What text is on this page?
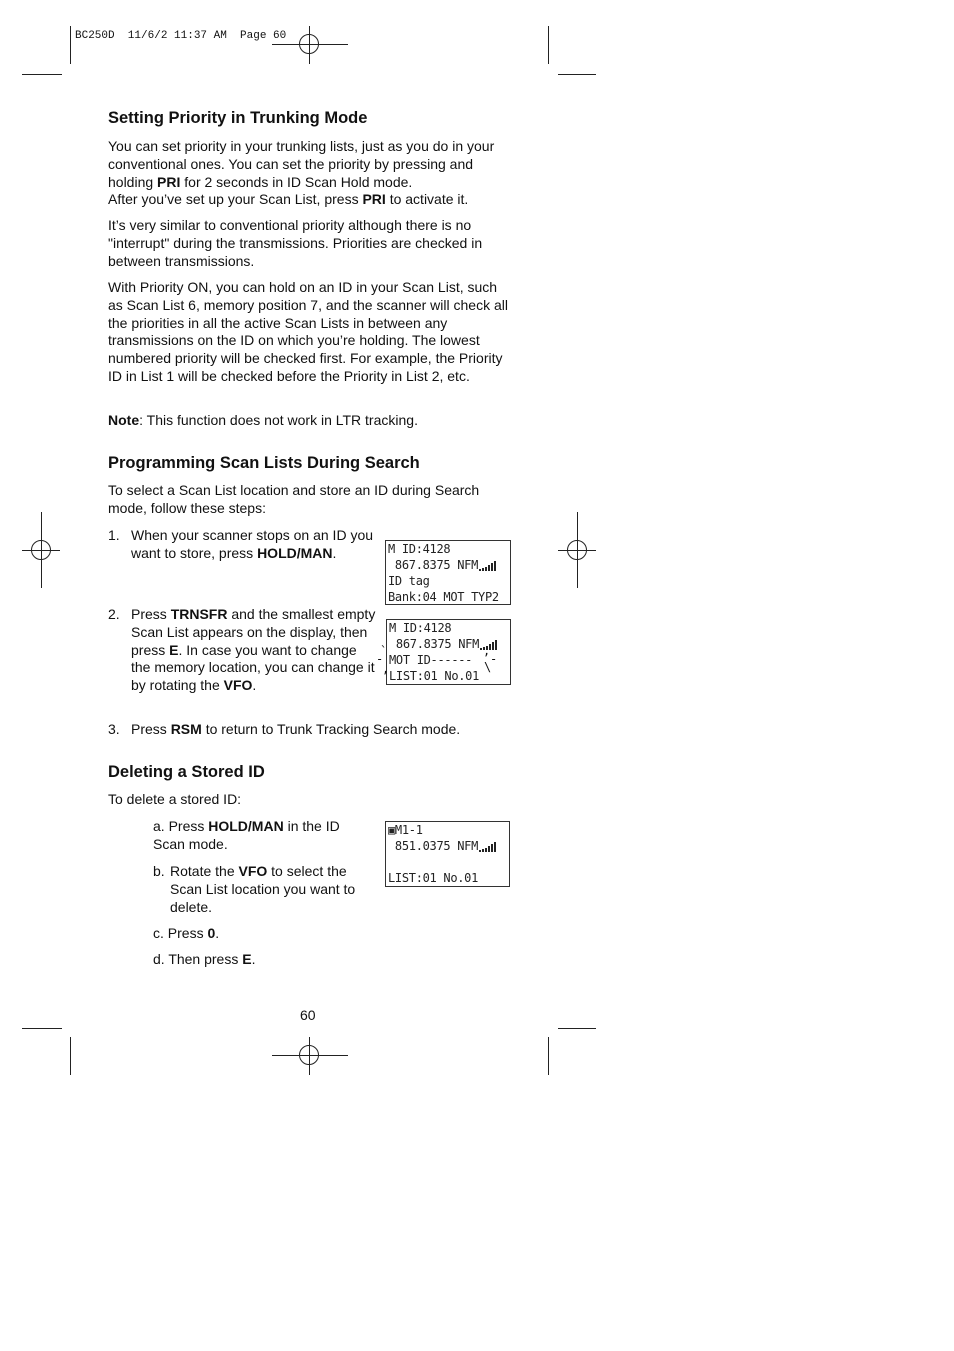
BC250D  11/6/2 11:37 AM  Page 60
Setting Priority in Trunking Mode

You can set priority in your trunking lists, just as you do in your conventional ones. You can set the priority by pressing and holding PRI for 2 seconds in ID Scan Hold mode.
After you’ve set up your Scan List, press PRI to activate it.

It’s very similar to conventional priority although there is no "interrupt" during the transmissions. Priorities are checked in between transmissions.

With Priority ON, you can hold on an ID in your Scan List, such as Scan List 6, memory position 7, and the scanner will check all the priorities in all the active Scan Lists in between any transmissions on the ID on which you’re holding. The lowest numbered priority will be checked first. For example, the Priority ID in List 1 will be checked before the Priority in List 2, etc.

Note: This function does not work in LTR tracking.

Programming Scan Lists During Search

To select a Scan List location and store an ID during Search mode, follow these steps:

1. When your scanner stops on an ID you want to store, press HOLD/MAN.	M ID:4128
867.8375 NFM
ID tag
Bank:04 MOT TYP2

2. Press TRNSFR and the smallest empty Scan List appears on the display, then press E. In case you want to change the memory location, you can change it by rotating the VFO.

M ID:4128
867.8375 NFM
MOT ID------
LIST:01 No.01
-
`
,
-
,
\

3. Press RSM to return to Trunk Tracking Search mode.

Deleting a Stored ID

To delete a stored ID:

a. Press HOLD/MAN in the ID Scan mode.

b. Rotate the VFO to select the Scan List location you want to delete.

c. Press 0.

d. Then press E.

▣M1-1
851.0375 NFM
LIST:01 No.01
60
